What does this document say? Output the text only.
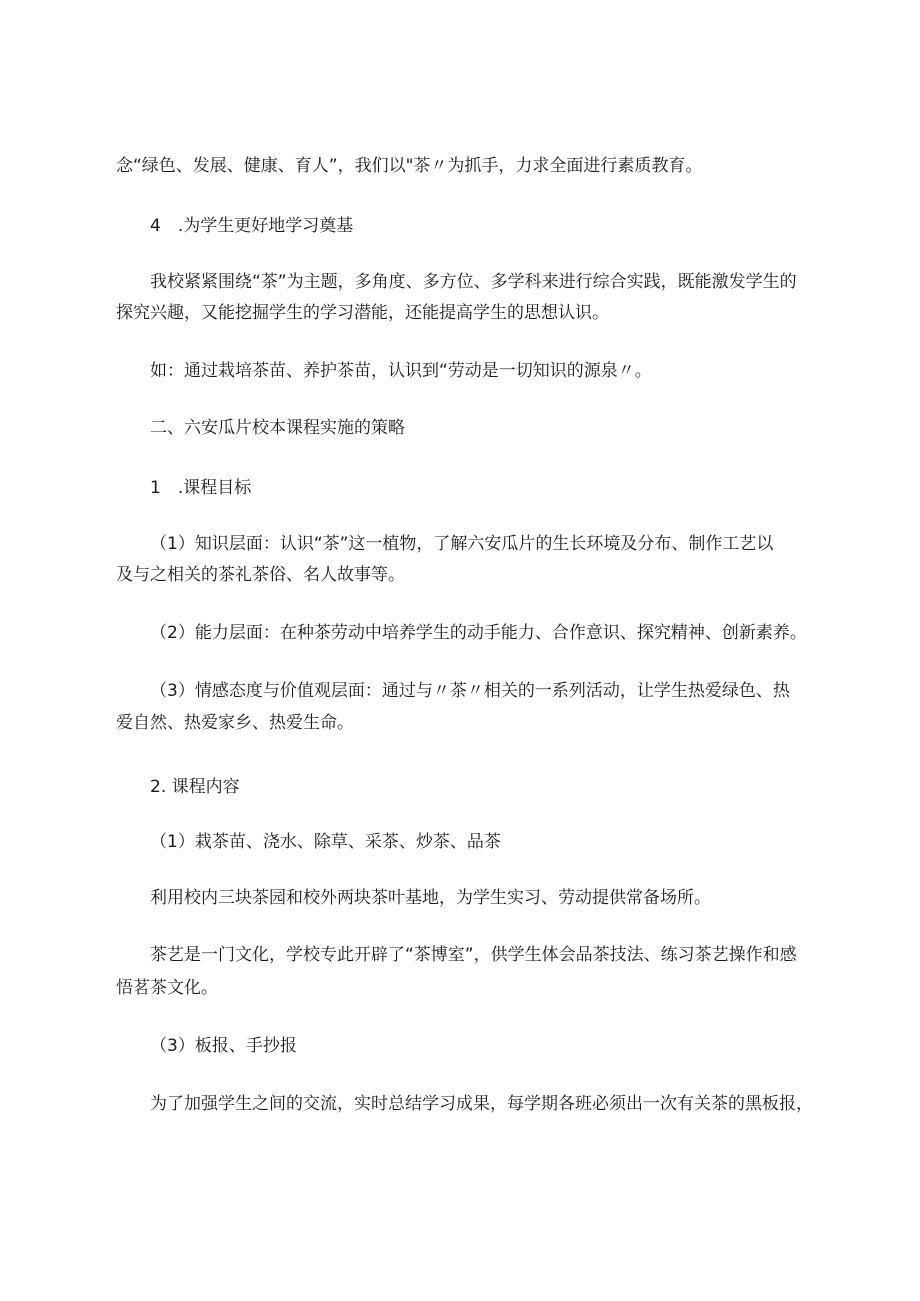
念“绿色、发展、健康、育人”，我们以"茶〃为抓手，力求全面进行素质教育。
4　.为学生更好地学习奠基
我校紧紧围绕“茶”为主题，多角度、多方位、多学科来进行综合实践，既能激发学生的
探究兴趣，又能挖掘学生的学习潜能，还能提高学生的思想认识。
如：通过栽培茶苗、养护茶苗，认识到“劳动是一切知识的源泉〃。
二、六安瓜片校本课程实施的策略
1　.课程目标
（1）知识层面：认识“茶”这一植物，了解六安瓜片的生长环境及分布、制作工艺以
及与之相关的茶礼茶俗、名人故事等。
（2）能力层面：在种茶劳动中培养学生的动手能力、合作意识、探究精神、创新素养。
（3）情感态度与价值观层面：通过与〃茶〃相关的一系列活动，让学生热爱绿色、热
爱自然、热爱家乡、热爱生命。
2. 课程内容
（1）栽茶苗、浇水、除草、采茶、炒茶、品茶
利用校内三块茶园和校外两块茶叶基地，为学生实习、劳动提供常备场所。
茶艺是一门文化，学校专此开辟了“茶博室”，供学生体会品茶技法、练习茶艺操作和感
悟茗茶文化。
（3）板报、手抄报
为了加强学生之间的交流，实时总结学习成果，每学期各班必须出一次有关茶的黑板报，
